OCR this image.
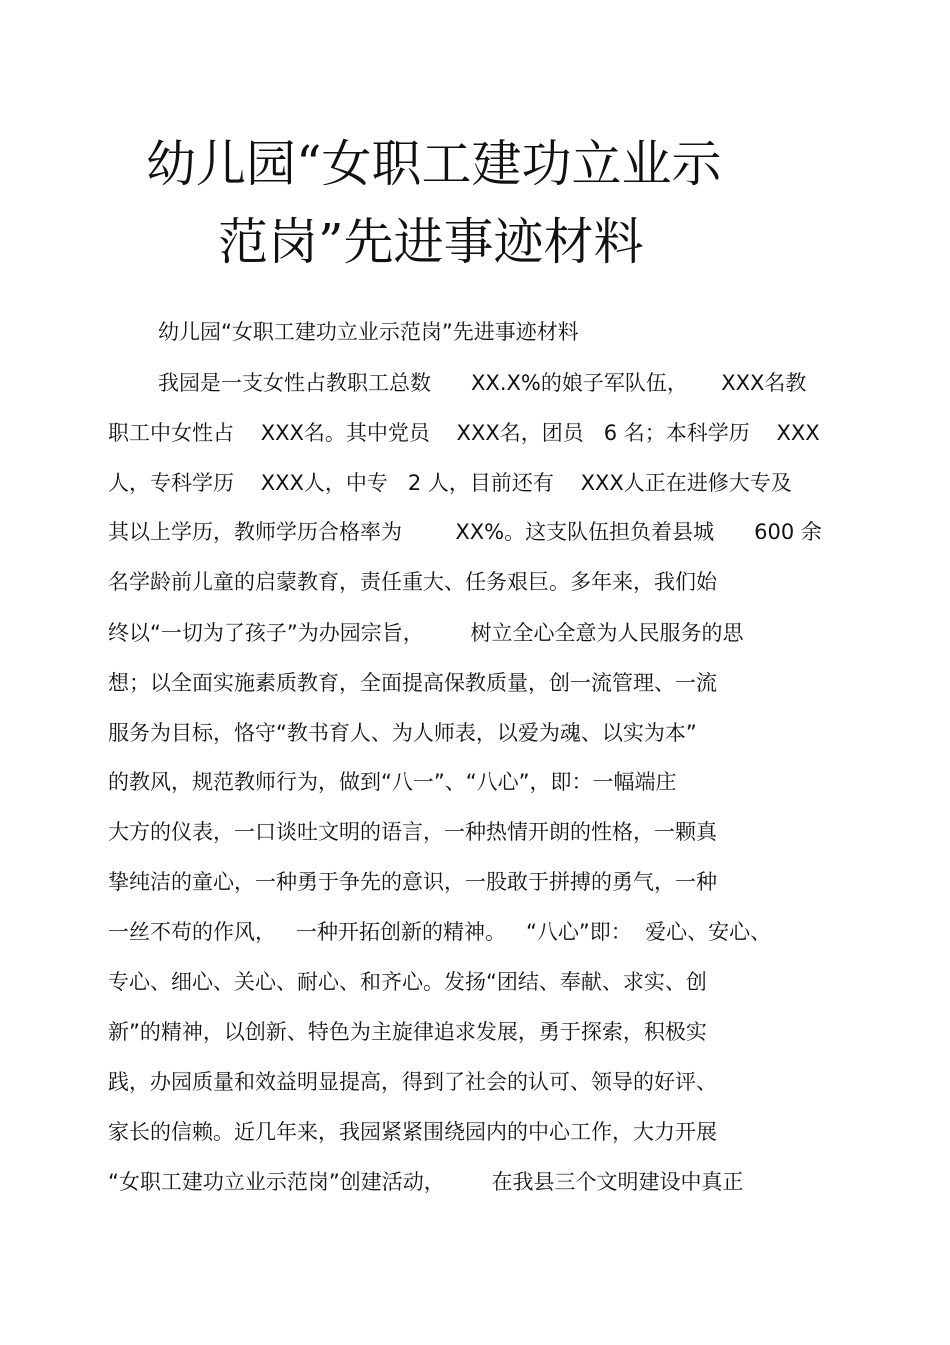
幼儿园“女职工建功立业示
范岗”先进事迹材料

幼儿园“女职工建功立业示范岗”先进事迹材料

我园是一支女性占教职工总数      XX.X%的娘子军队伍，     XXX名教

职工中女性占    XXX名。其中党员    XXX名，团员   6 名；本科学历    XXX

人，专科学历    XXX人，中专   2 人，目前还有    XXX人正在进修大专及

其以上学历，教师学历合格率为        XX%。这支队伍担负着县城      600 余

名学龄前儿童的启蒙教育，责任重大、任务艰巨。多年来，我们始

终以“一切为了孩子”为办园宗旨，       树立全心全意为人民服务的思

想；以全面实施素质教育，全面提高保教质量，创一流管理、一流

服务为目标，恪守“教书育人、为人师表，以爱为魂、以实为本”

的教风，规范教师行为，做到“八一”、“八心”，即：一幅端庄

大方的仪表，一口谈吐文明的语言，一种热情开朗的性格，一颗真

挚纯洁的童心，一种勇于争先的意识，一股敢于拼搏的勇气，一种

一丝不苟的作风，   一种开拓创新的精神。   “八心”即：  爱心、安心、

专心、细心、关心、耐心、和齐心。发扬“团结、奉献、求实、创

新”的精神，以创新、特色为主旋律追求发展，勇于探索，积极实

践，办园质量和效益明显提高，得到了社会的认可、领导的好评、

家长的信赖。近几年来，我园紧紧围绕园内的中心工作，大力开展

“女职工建功立业示范岗”创建活动，       在我县三个文明建设中真正
